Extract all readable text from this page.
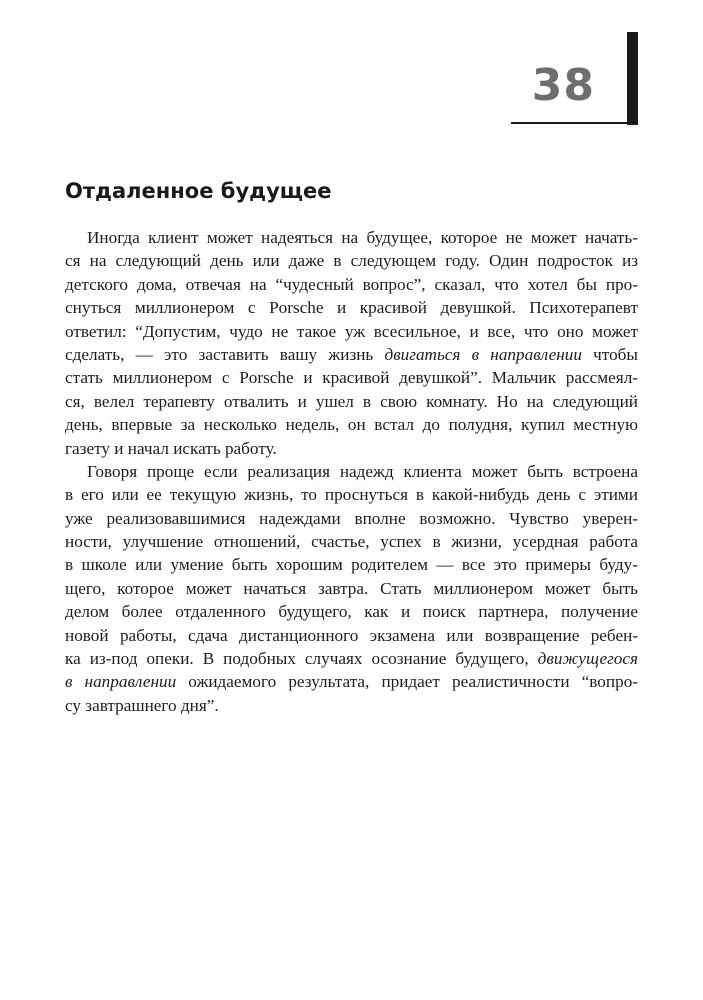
38
Отдаленное будущее
Иногда клиент может надеяться на будущее, которое не может начать-
ся на следующий день или даже в следующем году. Один подросток из
детского дома, отвечая на “чудесный вопрос”, сказал, что хотел бы про-
снуться миллионером с Porsche и красивой девушкой. Психотерапевт
ответил: “Допустим, чудо не такое уж всесильное, и все, что оно может
сделать, — это заставить вашу жизнь двигаться в направлении чтобы
стать миллионером с Porsche и красивой девушкой”. Мальчик рассмеял-
ся, велел терапевту отвалить и ушел в свою комнату. Но на следующий
день, впервые за несколько недель, он встал до полудня, купил местную
газету и начал искать работу.
Говоря проще если реализация надежд клиента может быть встроена
в его или ее текущую жизнь, то проснуться в какой-нибудь день с этими
уже реализовавшимися надеждами вполне возможно. Чувство уверен-
ности, улучшение отношений, счастье, успех в жизни, усердная работа
в школе или умение быть хорошим родителем — все это примеры буду-
щего, которое может начаться завтра. Стать миллионером может быть
делом более отдаленного будущего, как и поиск партнера, получение
новой работы, сдача дистанционного экзамена или возвращение ребен-
ка из-под опеки. В подобных случаях осознание будущего, движущегося
в направлении ожидаемого результата, придает реалистичности “вопро-
су завтрашнего дня”.
